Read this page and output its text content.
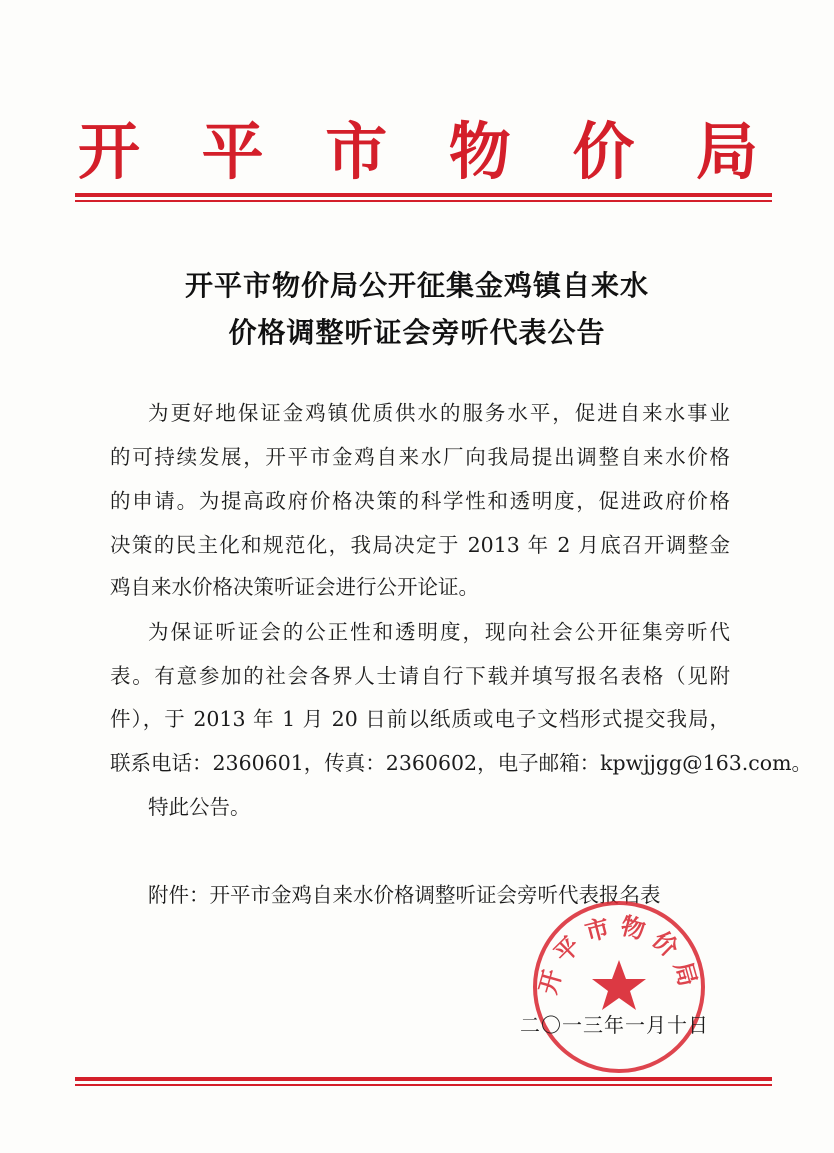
开 平 市 物 价 局
开平市物价局公开征集金鸡镇自来水
价格调整听证会旁听代表公告
为更好地保证金鸡镇优质供水的服务水平，促进自来水事业
的可持续发展，开平市金鸡自来水厂向我局提出调整自来水价格
的申请。为提高政府价格决策的科学性和透明度，促进政府价格
决策的民主化和规范化，我局决定于 2013 年 2 月底召开调整金
鸡自来水价格决策听证会进行公开论证。
为保证听证会的公正性和透明度，现向社会公开征集旁听代
表。有意参加的社会各界人士请自行下载并填写报名表格（见附
件），于 2013 年 1 月 20 日前以纸质或电子文档形式提交我局，
联系电话：2360601，传真：2360602，电子邮箱：kpwjjgg@163.com。
特此公告。
附件：开平市金鸡自来水价格调整听证会旁听代表报名表
开平市物价局
二〇一三年一月十日
